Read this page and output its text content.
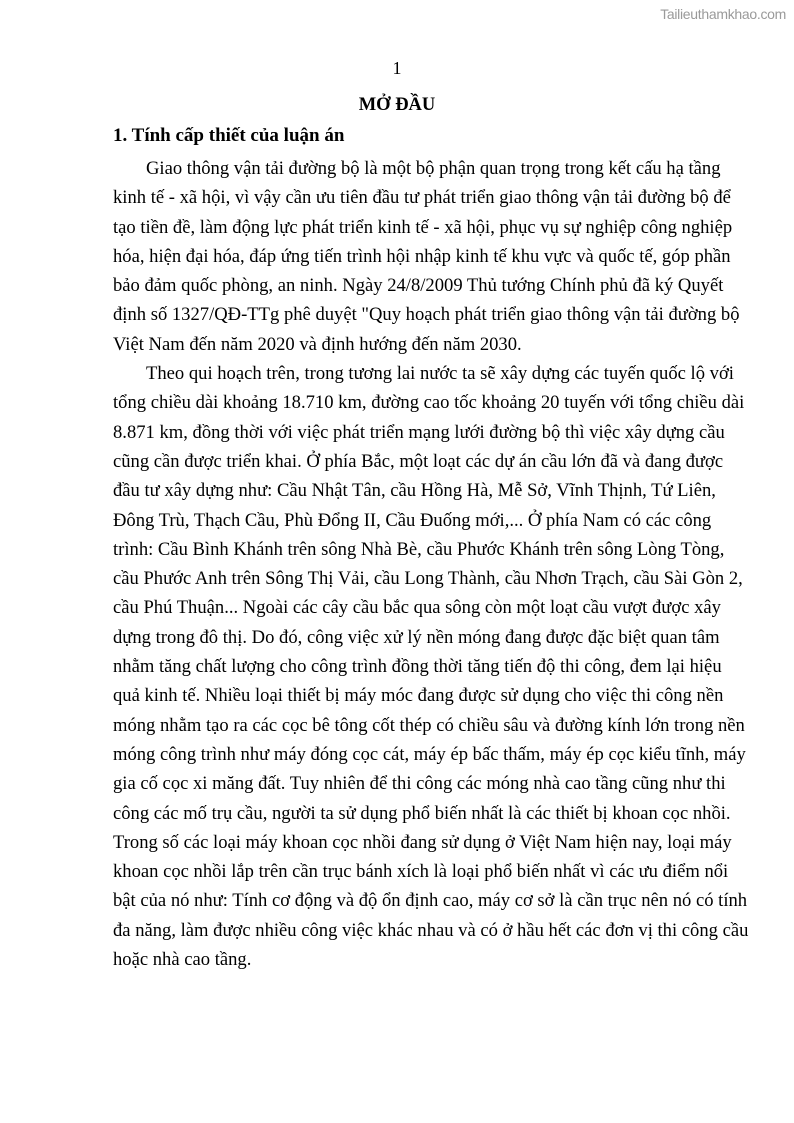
Tailieuthamkhao.com
1
MỞ ĐẦU
1. Tính cấp thiết của luận án
Giao thông vận tải đường bộ là một bộ phận quan trọng trong kết cấu hạ tầng
kinh tế - xã hội, vì vậy cần ưu tiên đầu tư phát triển giao thông vận tải đường bộ để
tạo tiền đề, làm động lực phát triển kinh tế - xã hội, phục vụ sự nghiệp công nghiệp
hóa, hiện đại hóa, đáp ứng tiến trình hội nhập kinh tế khu vực và quốc tế, góp phần
bảo đảm quốc phòng, an ninh. Ngày 24/8/2009 Thủ tướng Chính phủ đã ký Quyết
định số 1327/QĐ-TTg phê duyệt "Quy hoạch phát triển giao thông vận tải đường bộ
Việt Nam đến năm 2020 và định hướng đến năm 2030.
Theo qui hoạch trên, trong tương lai nước ta sẽ xây dựng các tuyến quốc lộ với
tổng chiều dài khoảng 18.710 km, đường cao tốc khoảng 20 tuyến với tổng chiều dài
8.871 km, đồng thời với việc phát triển mạng lưới đường bộ thì việc xây dựng cầu
cũng cần được triển khai. Ở phía Bắc, một loạt các dự án cầu lớn đã và đang được
đầu tư xây dựng như: Cầu Nhật Tân, cầu Hồng Hà, Mễ Sở, Vĩnh Thịnh, Tứ Liên,
Đông Trù, Thạch Cầu, Phù Đổng II, Cầu Đuống mới,... Ở phía Nam có các công
trình: Cầu Bình Khánh trên sông Nhà Bè, cầu Phước Khánh trên sông Lòng Tòng,
cầu Phước Anh trên Sông Thị Vải, cầu Long Thành, cầu Nhơn Trạch, cầu Sài Gòn 2,
cầu Phú Thuận... Ngoài các cây cầu bắc qua sông còn một loạt cầu vượt được xây
dựng trong đô thị. Do đó, công việc xử lý nền móng đang được đặc biệt quan tâm
nhằm tăng chất lượng cho công trình đồng thời tăng tiến độ thi công, đem lại hiệu
quả kinh tế. Nhiều loại thiết bị máy móc đang được sử dụng cho việc thi công nền
móng nhằm tạo ra các cọc bê tông cốt thép có chiều sâu và đường kính lớn trong nền
móng công trình như máy đóng cọc cát, máy ép bấc thấm, máy ép cọc kiểu tĩnh, máy
gia cố cọc xi măng đất. Tuy nhiên để thi công các móng nhà cao tầng cũng như thi
công các mố trụ cầu, người ta sử dụng phổ biến nhất là các thiết bị khoan cọc nhồi.
Trong số các loại máy khoan cọc nhồi đang sử dụng ở Việt Nam hiện nay, loại máy
khoan cọc nhồi lắp trên cần trục bánh xích là loại phổ biến nhất vì các ưu điểm nổi
bật của nó như: Tính cơ động và độ ổn định cao, máy cơ sở là cần trục nên nó có tính
đa năng, làm được nhiều công việc khác nhau và có ở hầu hết các đơn vị thi công cầu
hoặc nhà cao tầng.
